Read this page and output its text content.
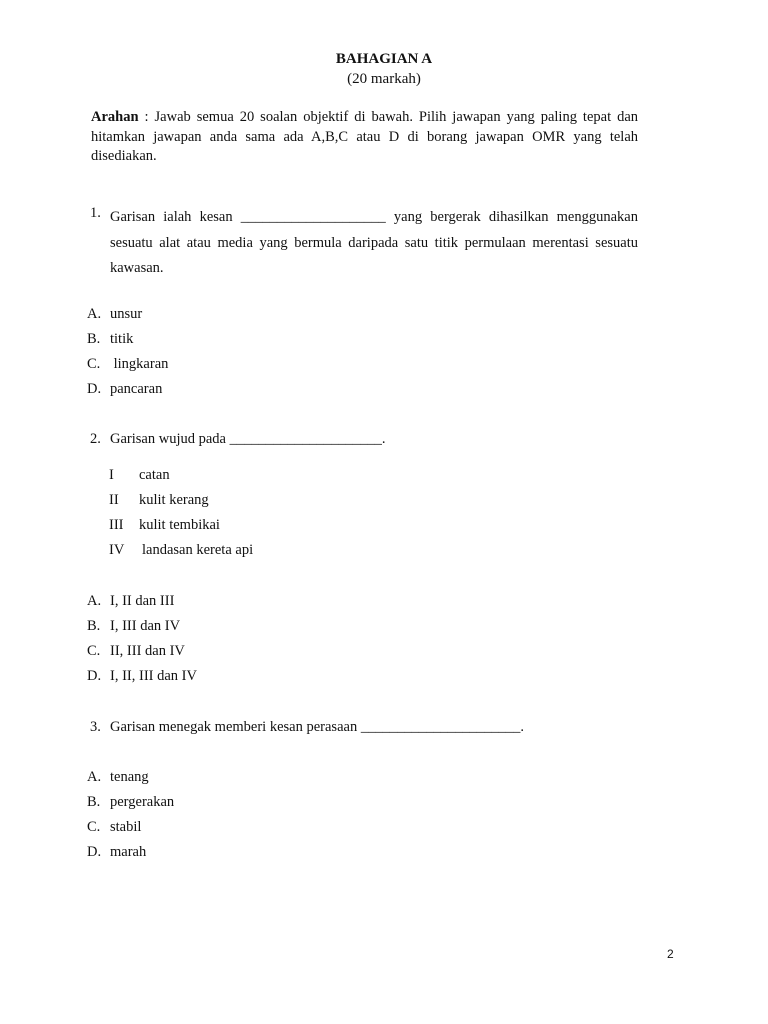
BAHAGIAN A
(20 markah)
Arahan : Jawab semua 20 soalan objektif di bawah. Pilih jawapan yang paling tepat dan hitamkan jawapan anda sama ada A,B,C atau D di borang jawapan OMR yang telah disediakan.
1. Garisan ialah kesan ____________________ yang bergerak dihasilkan menggunakan sesuatu alat atau media yang bermula daripada satu titik permulaan merentasi sesuatu kawasan.
A. unsur
B. titik
C. lingkaran
D. pancaran
2. Garisan wujud pada _____________________.
I catan
II kulit kerang
III kulit tembikai
IV landasan kereta api
A. I, II dan III
B. I, III dan IV
C. II, III dan IV
D. I, II, III dan IV
3. Garisan menegak memberi kesan perasaan ______________________.
A. tenang
B. pergerakan
C. stabil
D. marah
2
